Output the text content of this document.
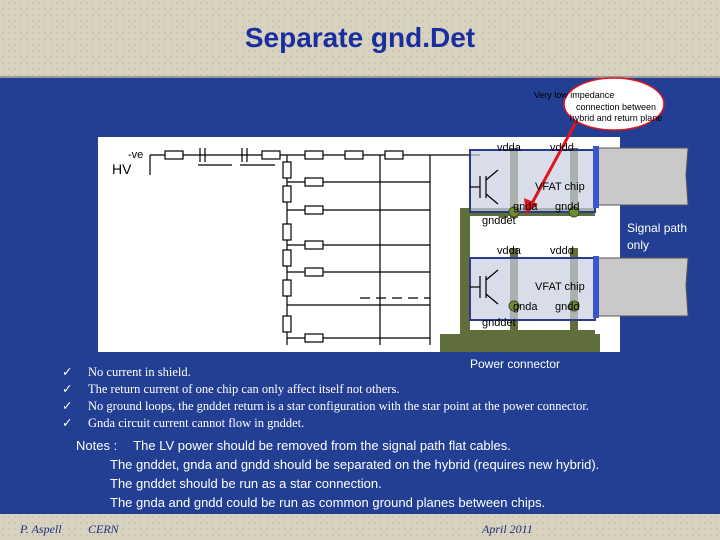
Separate gnd.Det
Very low impedance
connection between
hybrid and return plane
-ve
HV
vdda	vddd
VFAT chip
gnda gndd
gnddet
vdda	vddd
VFAT chip
gnda gndd
gnddet
Signal path
only
Power connector
✓ No current in shield.
✓ The return current of one chip can only affect itself not others.
✓ No ground loops, the gnddet return is a star configuration with the star point at the power connector.
✓ Gnda circuit current cannot flow in gnddet.
Notes : The LV power should be removed from the signal path flat cables.
The gnddet, gnda and gndd should be separated on the hybrid (requires new hybrid).
The gnddet should be run as a star connection.
The gnda and gndd could be run as common ground planes between chips.
P. Aspell CERN	April 2011
